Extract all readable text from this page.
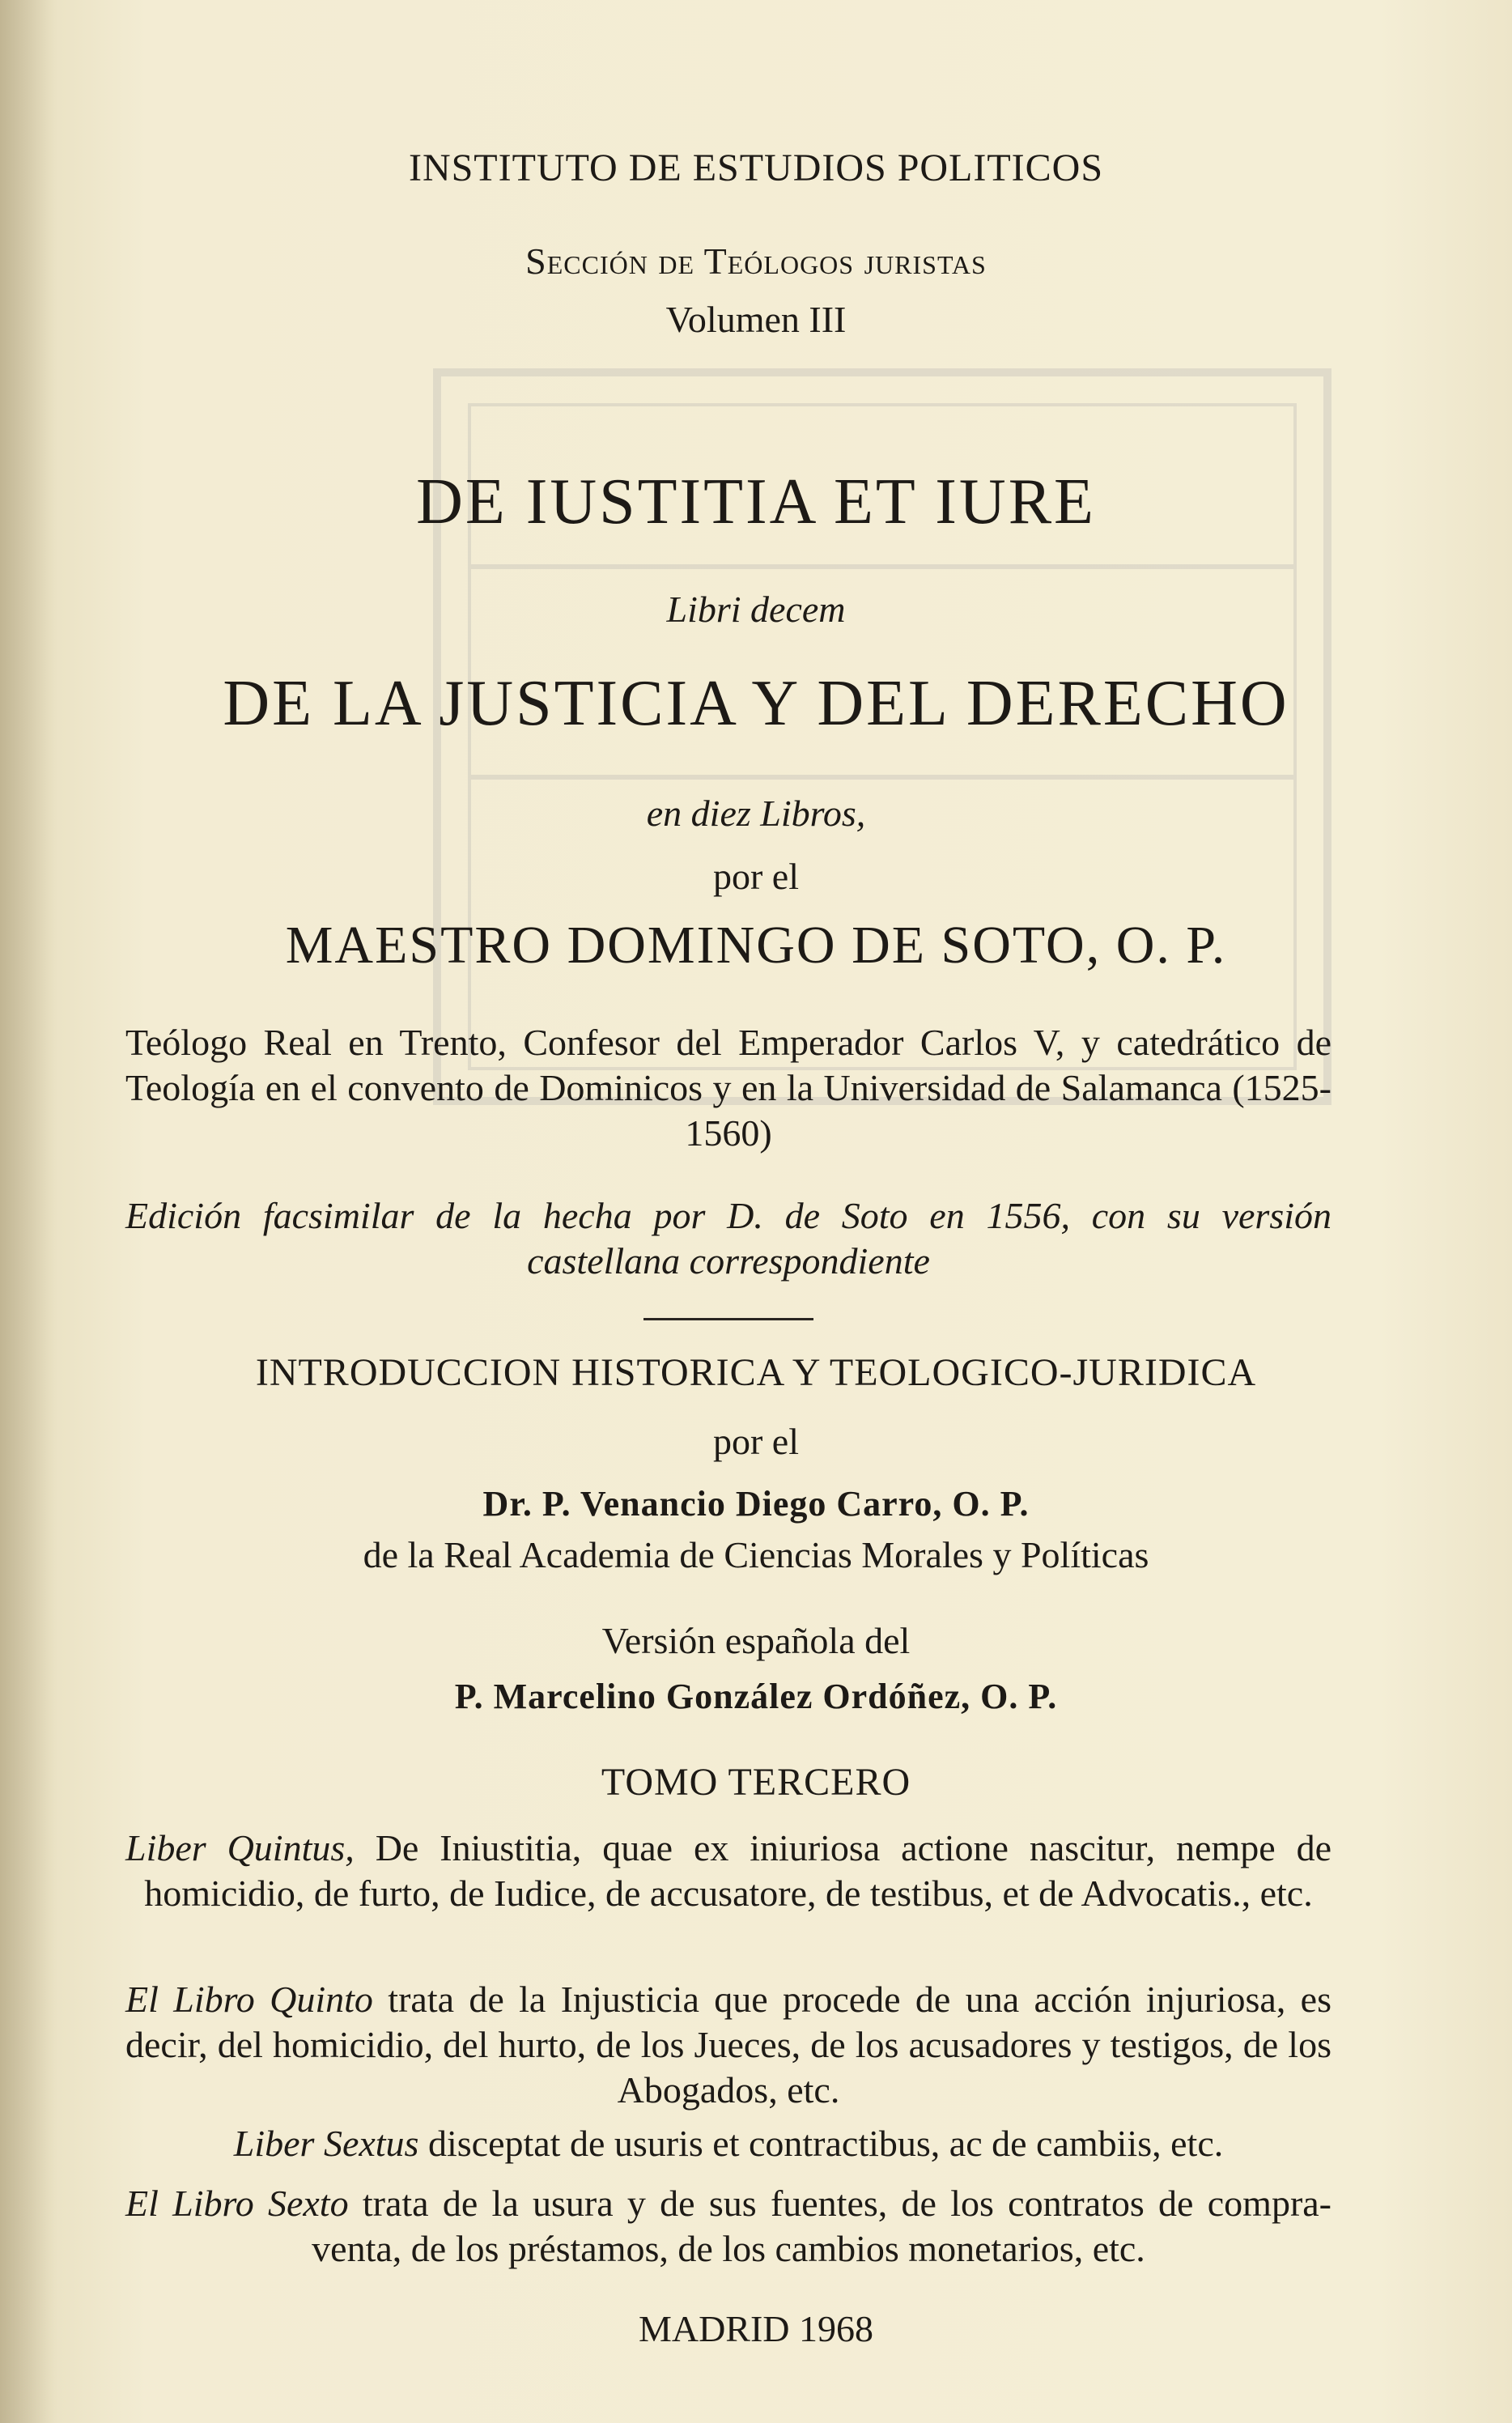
INSTITUTO DE ESTUDIOS POLITICOS
Sección de Teólogos juristas
Volumen III
DE IUSTITIA ET IURE
Libri decem
DE LA JUSTICIA Y DEL DERECHO
en diez Libros,
por el
MAESTRO DOMINGO DE SOTO, O. P.
Teólogo Real en Trento, Confesor del Emperador Carlos V, y catedrático de Teología en el convento de Dominicos y en la Universidad de Salamanca (1525-1560)
Edición facsimilar de la hecha por D. de Soto en 1556, con su versión castellana correspondiente
INTRODUCCION HISTORICA Y TEOLOGICO-JURIDICA
por el
Dr. P. Venancio Diego Carro, O. P.
de la Real Academia de Ciencias Morales y Políticas
Versión española del
P. Marcelino González Ordóñez, O. P.
TOMO TERCERO
Liber Quintus, De Iniustitia, quae ex iniuriosa actione nascitur, nempe de homicidio, de furto, de Iudice, de accusatore, de testibus, et de Advocatis., etc.
El Libro Quinto trata de la Injusticia que procede de una acción injuriosa, es decir, del homicidio, del hurto, de los Jueces, de los acusadores y testigos, de los Abogados, etc.
Liber Sextus disceptat de usuris et contractibus, ac de cambiis, etc.
El Libro Sexto trata de la usura y de sus fuentes, de los contratos de compra-venta, de los préstamos, de los cambios monetarios, etc.
MADRID 1968
